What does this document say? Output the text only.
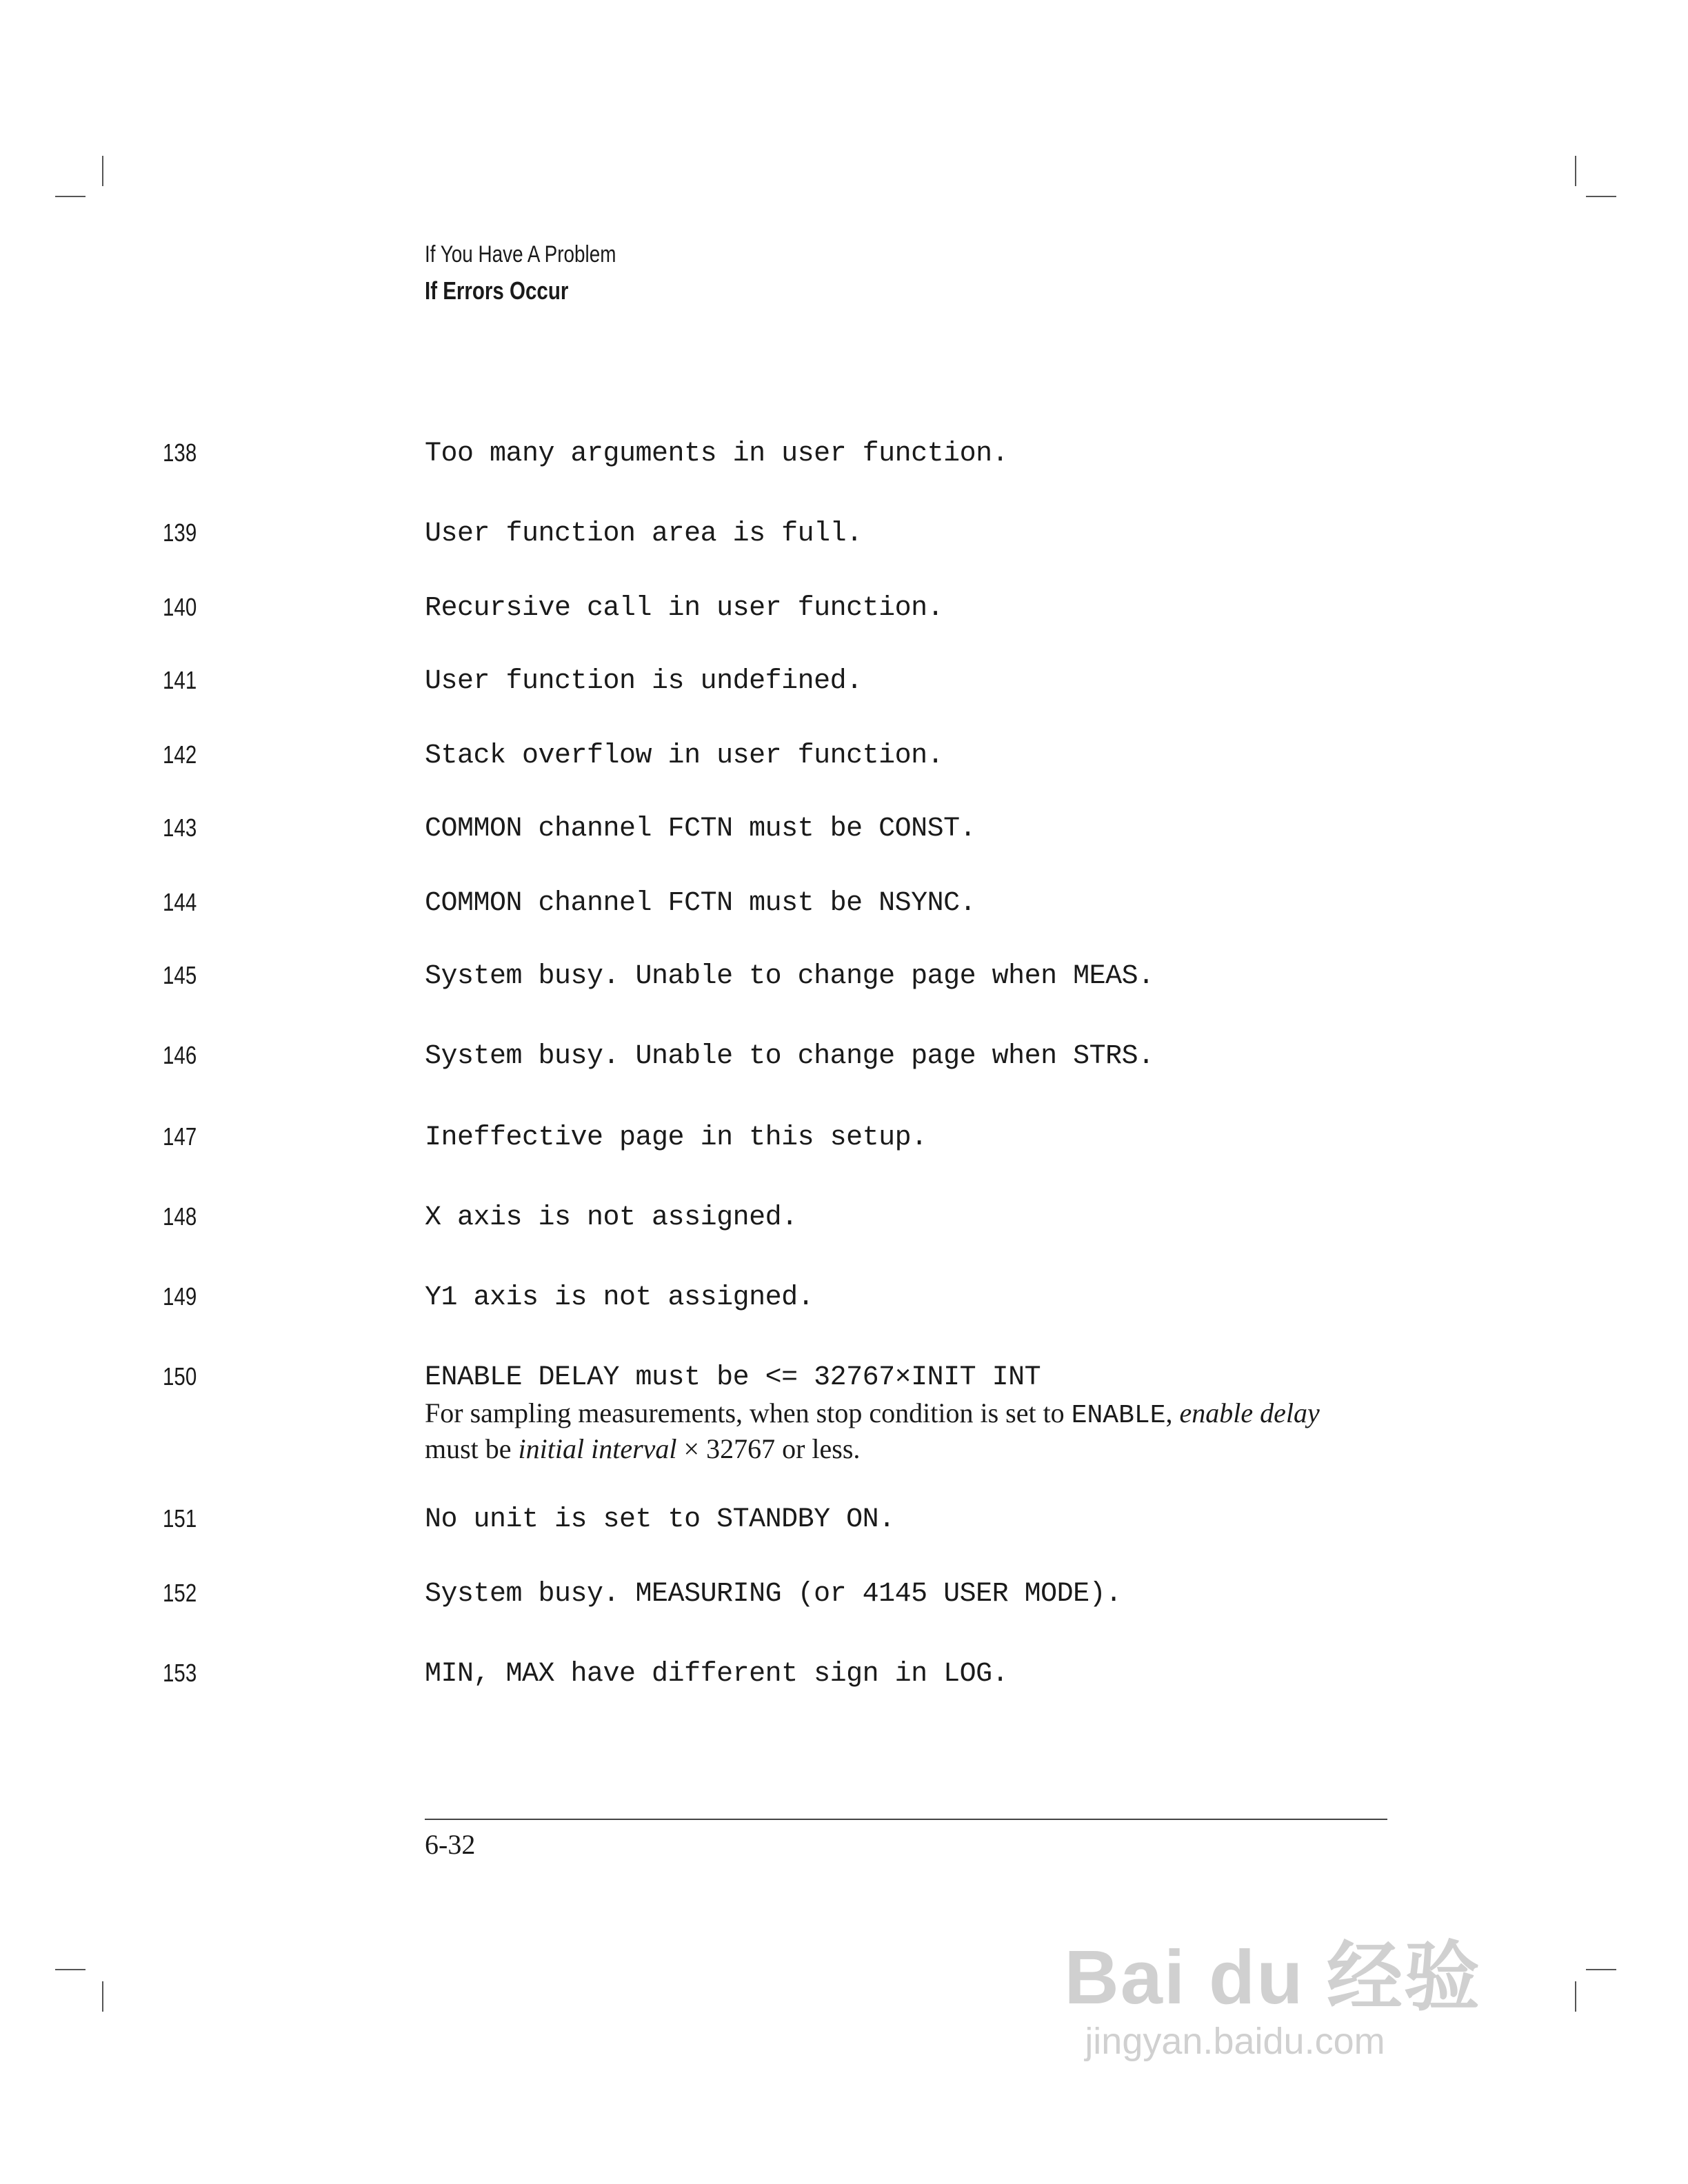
If You Have A Problem
If Errors Occur
138	Too many arguments in user function.
139	User function area is full.
140	Recursive call in user function.
141	User function is undefined.
142	Stack overflow in user function.
143	COMMON channel FCTN must be CONST.
144	COMMON channel FCTN must be NSYNC.
145	System busy. Unable to change page when MEAS.
146	System busy. Unable to change page when STRS.
147	Ineffective page in this setup.
148	X axis is not assigned.
149	Y1 axis is not assigned.
150	ENABLE DELAY must be <= 32767×INIT INT
For sampling measurements, when stop condition is set to ENABLE, enable delay must be initial interval × 32767 or less.
151	No unit is set to STANDBY ON.
152	System busy. MEASURING (or 4145 USER MODE).
153	MIN, MAX have different sign in LOG.
6-32
Bai du 经验
jingyan.baidu.com
